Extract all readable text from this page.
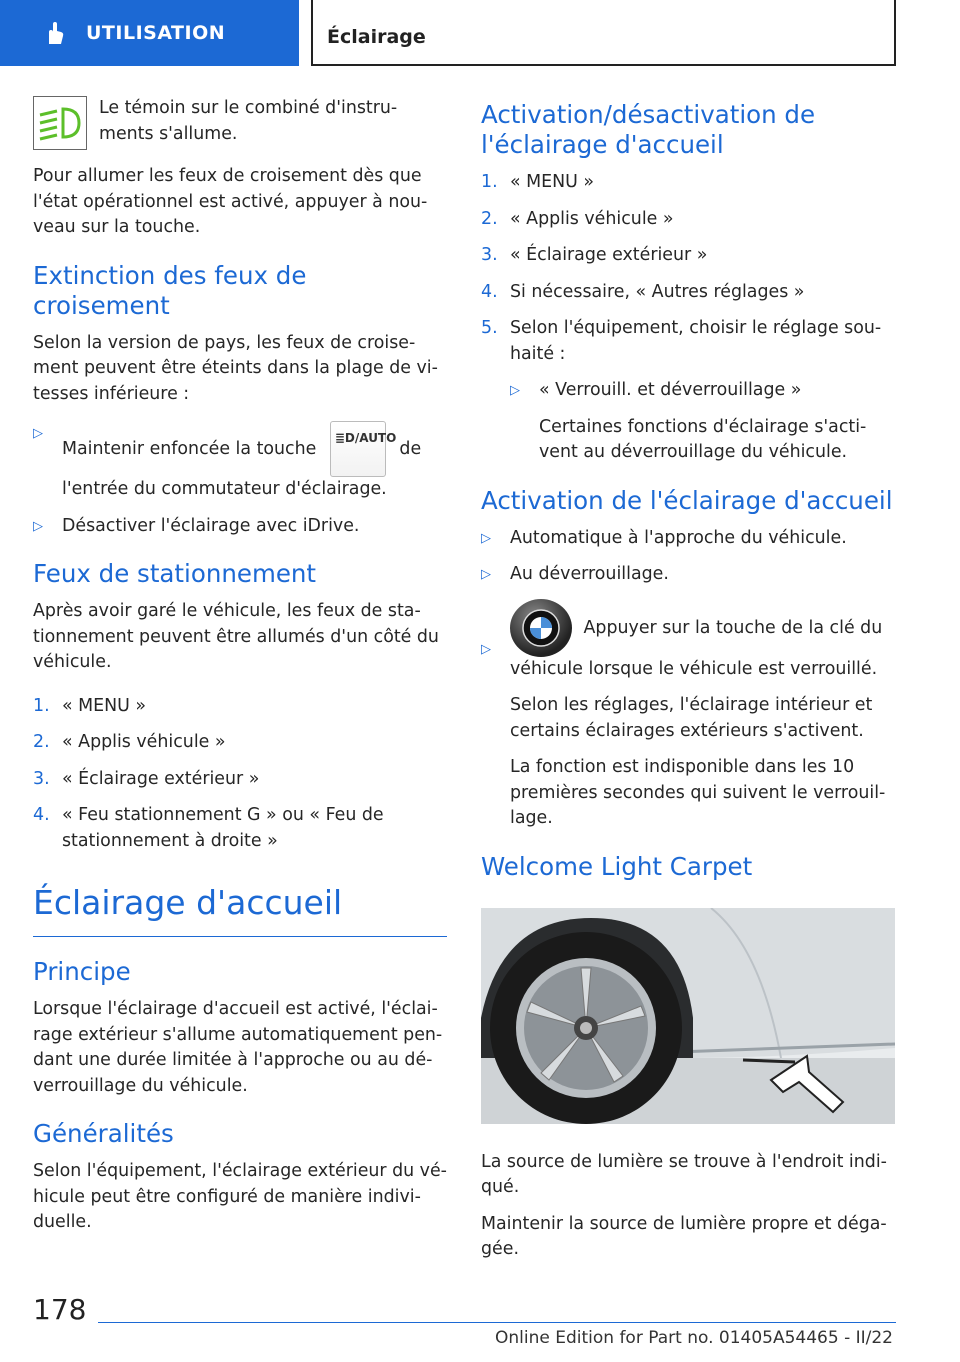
UTILISATION	Éclairage

Le témoin sur le combiné d'instru-ments s'allume.

Pour allumer les feux de croisement dès que l'état opérationnel est activé, appuyer à nou-veau sur la touche.

Extinction des feux de croisement

Selon la version de pays, les feux de croise-ment peuvent être éteints dans la plage de vi-tesses inférieure :

▷
Maintenir enfoncée la touche
≣D/AUTO
de l'entrée du commutateur d'éclairage.
▷	Désactiver l'éclairage avec iDrive.
Feux de stationnement

Après avoir garé le véhicule, les feux de sta-tionnement peuvent être allumés d'un côté du véhicule.

1. « MENU »
2. « Applis véhicule »
3. « Éclairage extérieur »
4. « Feu stationnement G » ou « Feu de stationnement à droite »
Éclairage d'accueil
Principe

Lorsque l'éclairage d'accueil est activé, l'éclai-rage extérieur s'allume automatiquement pen-dant une durée limitée à l'approche ou au dé-verrouillage du véhicule.

Généralités

Selon l'équipement, l'éclairage extérieur du vé-hicule peut être configuré de manière indivi-duelle.

Activation/désactivation de l'éclairage d'accueil
1. « MENU »
2. « Applis véhicule »
3. « Éclairage extérieur »
4. Si nécessaire, « Autres réglages »
5. Selon l'équipement, choisir le réglage sou-haité :
▷	« Verrouill. et déverrouillage »

Certaines fonctions d'éclairage s'acti-vent au déverrouillage du véhicule.

Activation de l'éclairage d'accueil
▷	Automatique à l'approche du véhicule.
▷	Au déverrouillage.
▷
Appuyer sur la touche de la clé du véhicule lorsque le véhicule est verrouillé.

Selon les réglages, l'éclairage intérieur et certains éclairages extérieurs s'activent.

La fonction est indisponible dans les 10 premières secondes qui suivent le verrouil-lage.

Welcome Light Carpet

La source de lumière se trouve à l'endroit indi-qué.

Maintenir la source de lumière propre et déga-gée.

178
Online Edition for Part no. 01405A54465 - II/22
